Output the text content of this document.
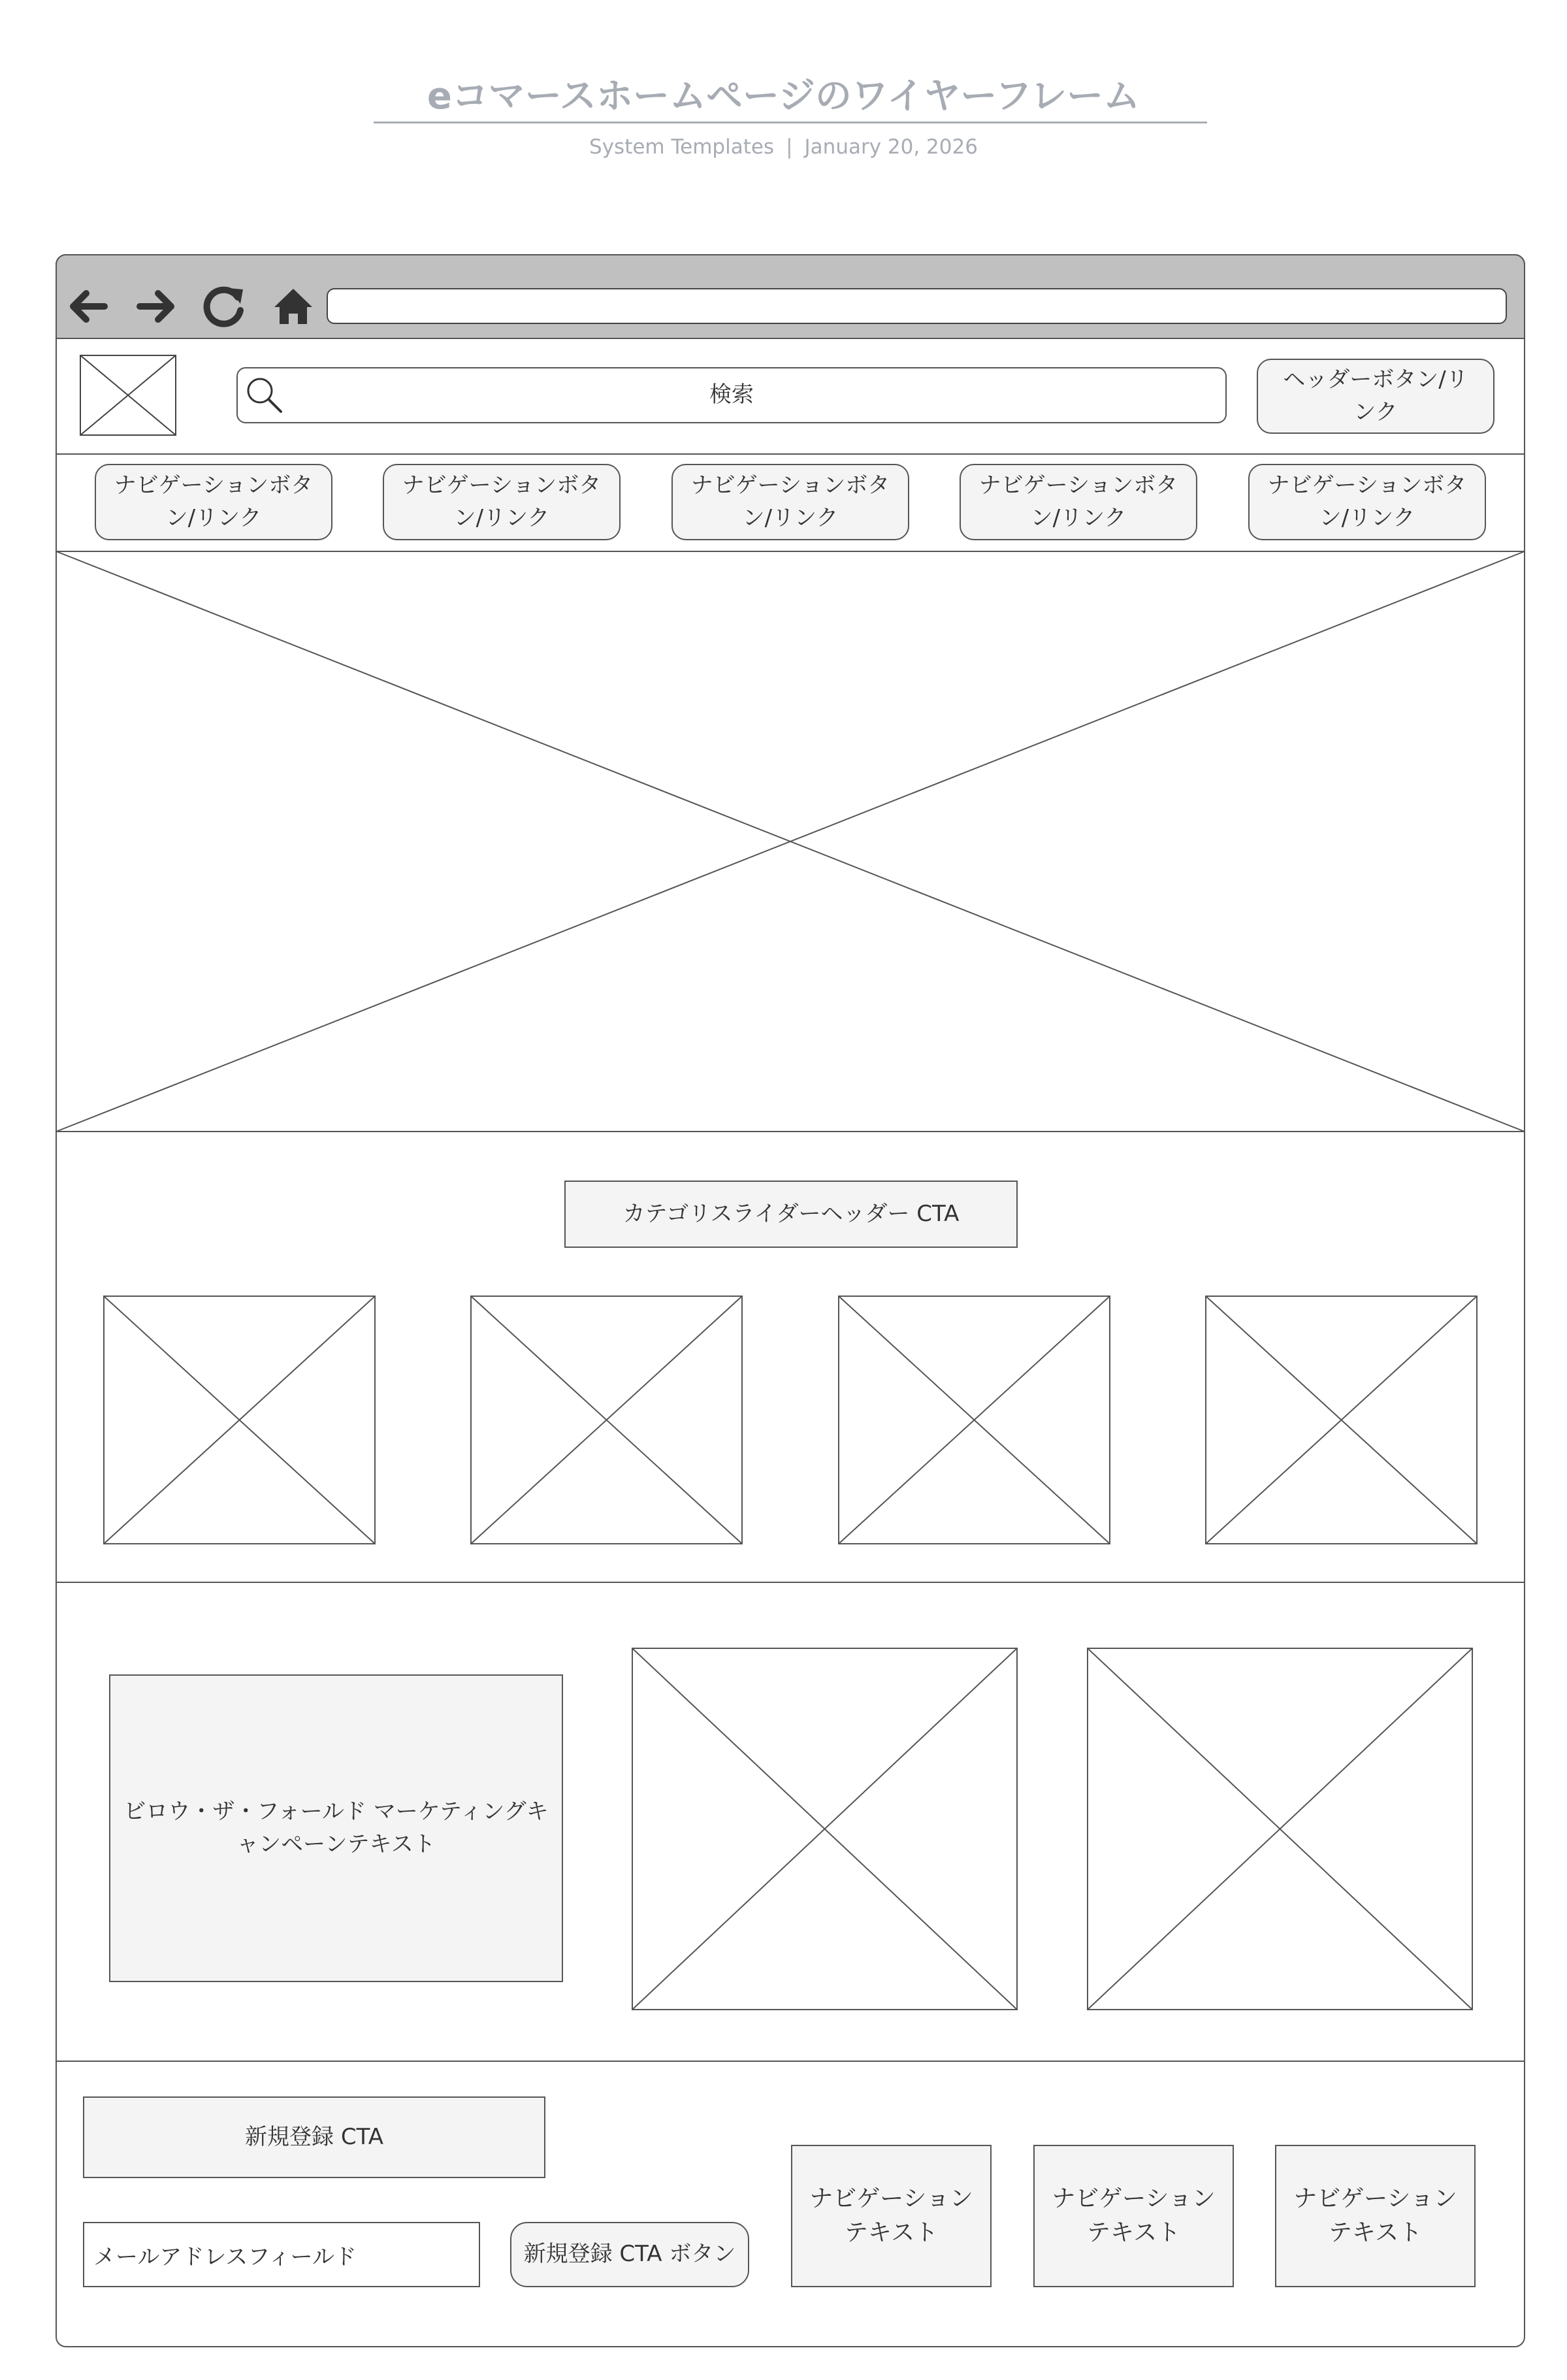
eコマースホームページのワイヤーフレーム
System Templates | January 20, 2026
検索
ヘッダーボタン/リンク
ナビゲーションボタン/リンク
ナビゲーションボタン/リンク
ナビゲーションボタン/リンク
ナビゲーションボタン/リンク
ナビゲーションボタン/リンク
カテゴリスライダーヘッダー CTA
ビロウ・ザ・フォールド マーケティングキャンペーンテキスト
新規登録 CTA
メールアドレスフィールド	新規登録 CTA ボタン
ナビゲーションテキスト
ナビゲーションテキスト
ナビゲーションテキスト
